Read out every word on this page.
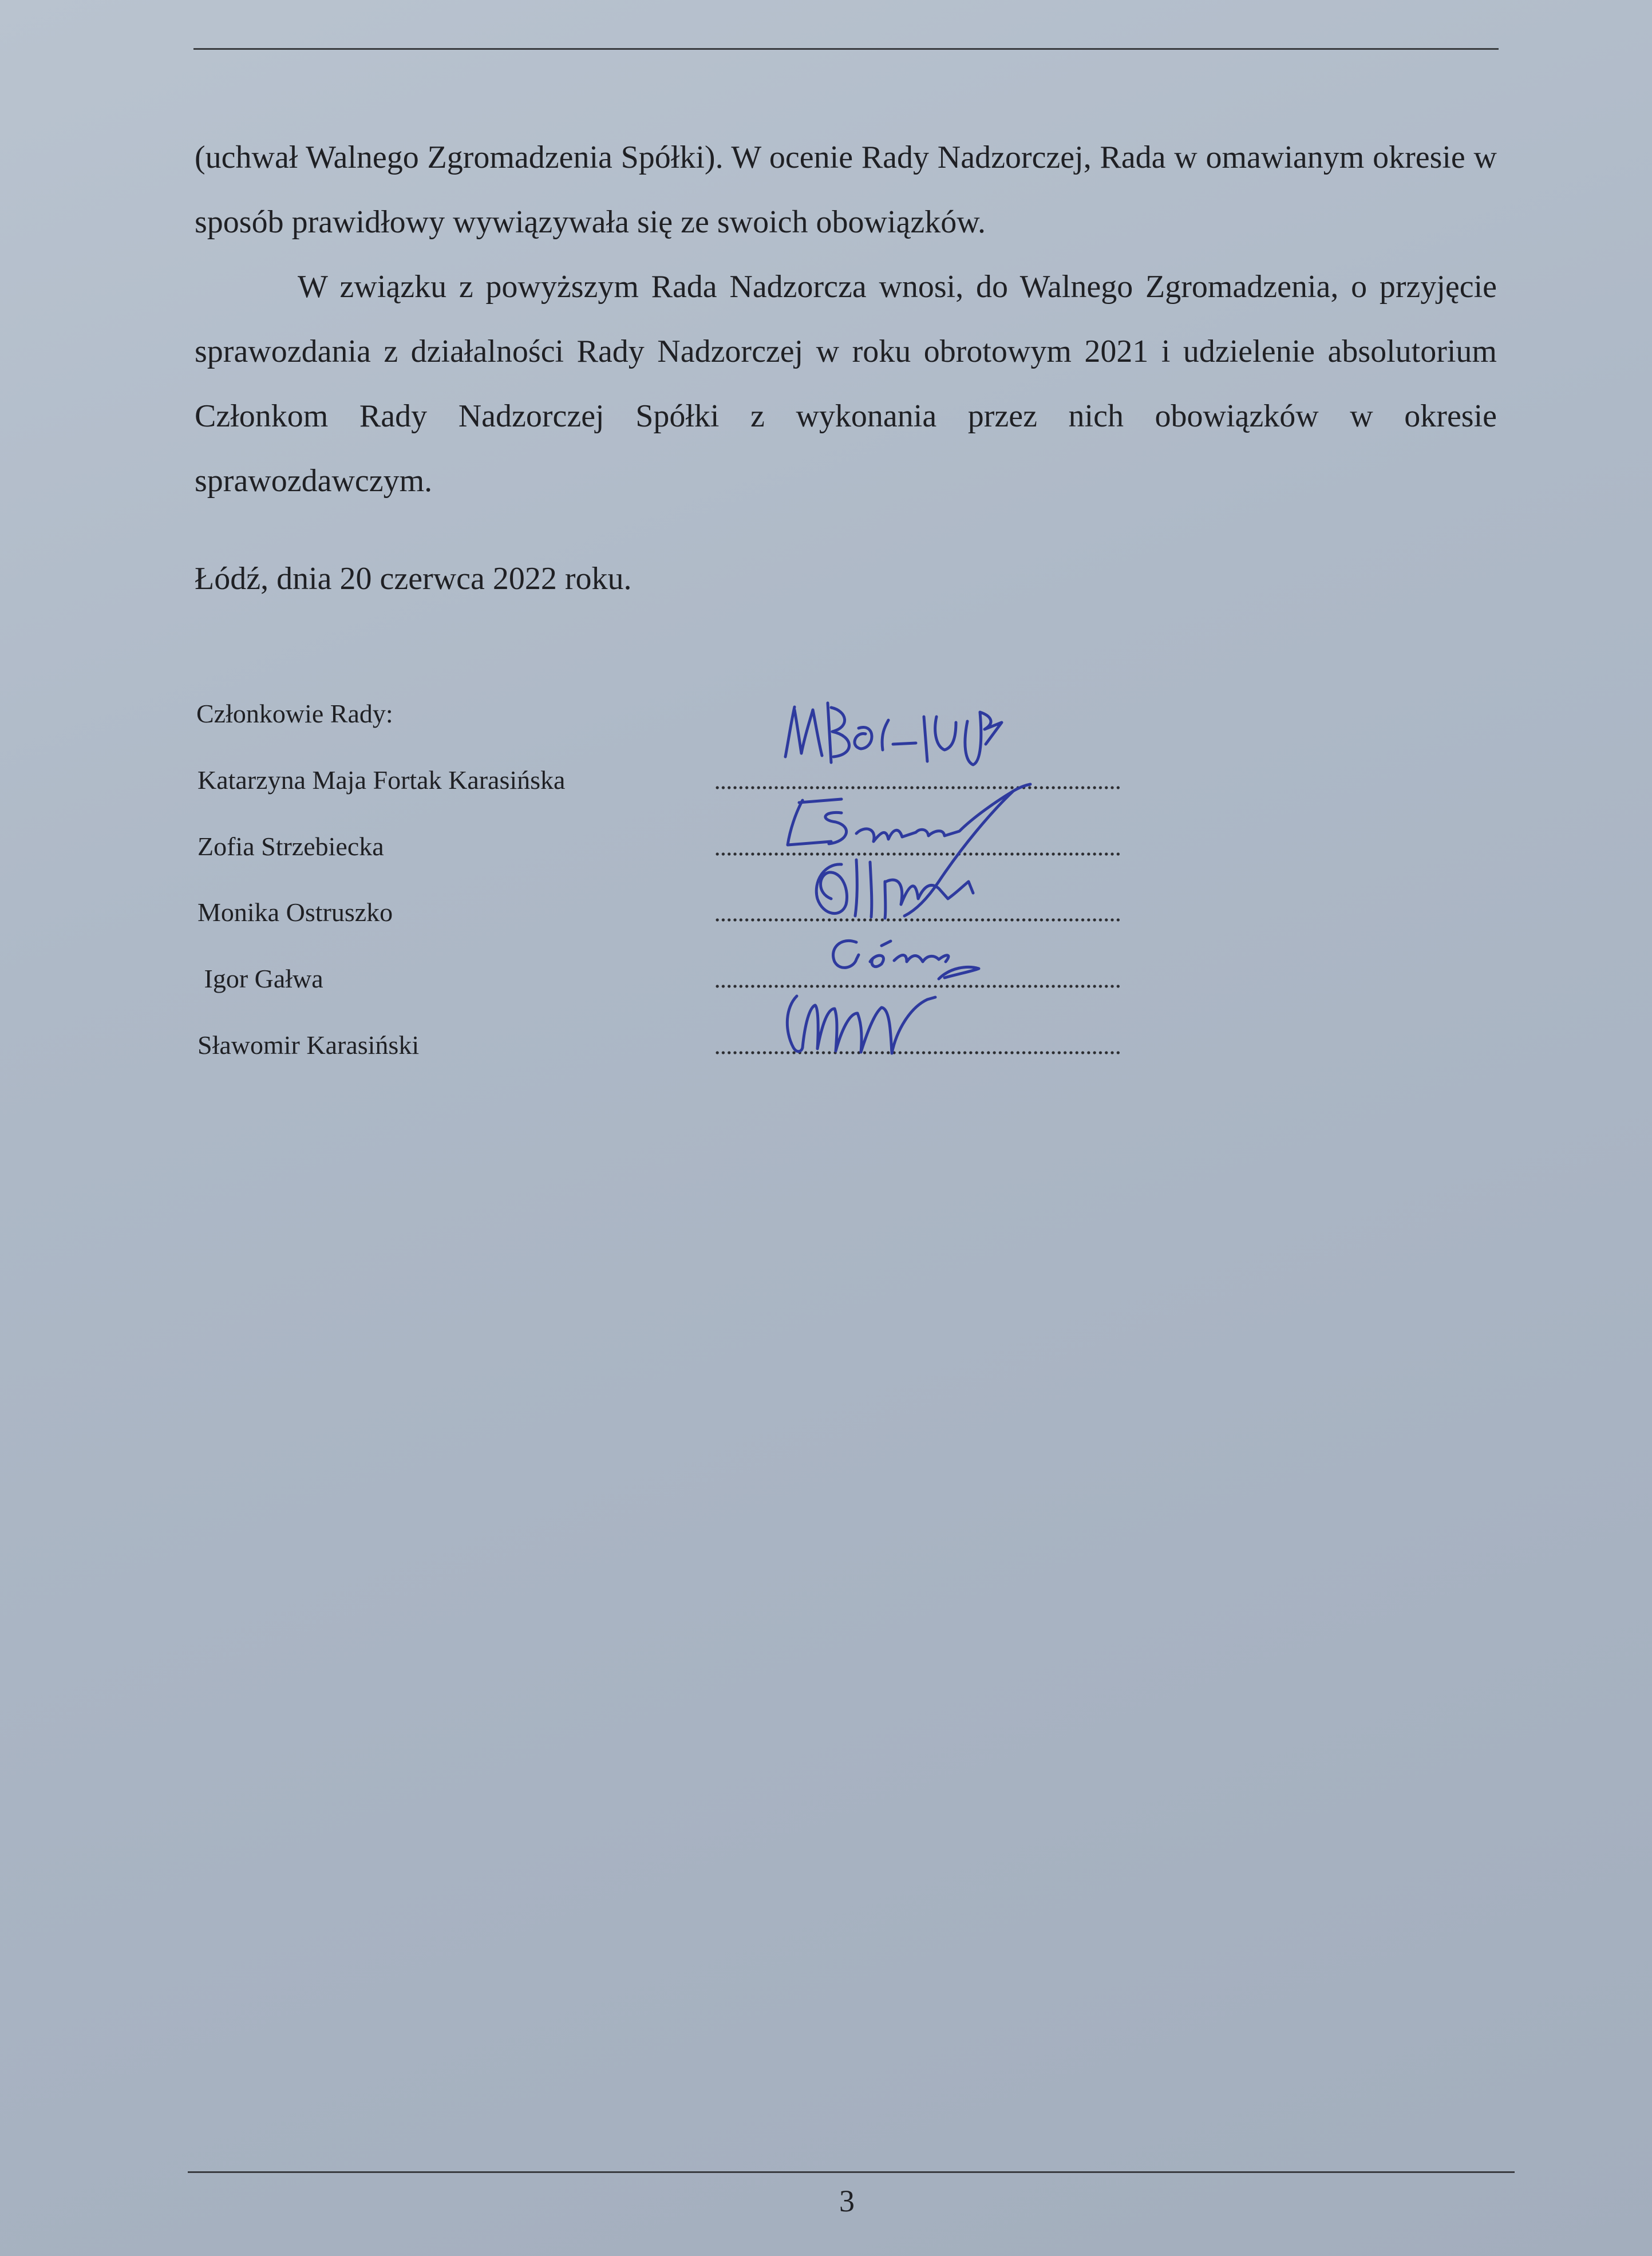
(uchwał Walnego Zgromadzenia Spółki). W ocenie Rady Nadzorczej, Rada w omawianym okresie w sposób prawidłowy wywiązywała się ze swoich obowiązków.

W związku z powyższym Rada Nadzorcza wnosi, do Walnego Zgromadzenia, o przyjęcie sprawozdania z działalności Rady Nadzorczej w roku obrotowym 2021 i udzielenie absolutorium Członkom Rady Nadzorczej Spółki z wykonania przez nich obowiązków w okresie sprawozdawczym.

Łódź, dnia 20 czerwca 2022 roku.
Członkowie Rady:
Katarzyna Maja Fortak Karasińska
Zofia Strzebiecka
Monika Ostruszko
Igor Gałwa
Sławomir Karasiński
3
